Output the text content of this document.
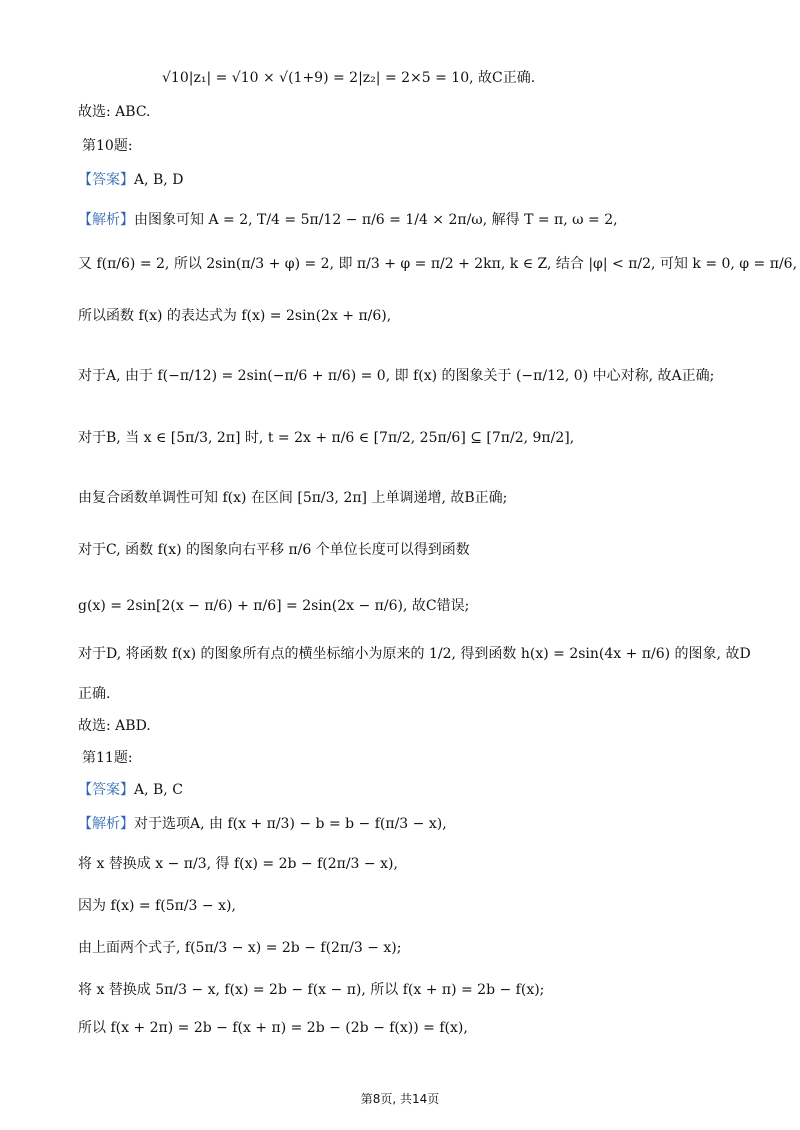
√10|z₁| = √10 × √(1+9) = 2|z₂| = 2×5 = 10, 故C正确.
故选: ABC.
第10题:
【答案】A, B, D
【解析】由图象可知 A = 2, T/4 = 5π/12 − π/6 = 1/4 × 2π/ω, 解得 T = π, ω = 2,
又 f(π/6) = 2, 所以 2sin(π/3 + φ) = 2, 即 π/3 + φ = π/2 + 2kπ, k ∈ Z, 结合 |φ| < π/2, 可知 k = 0, φ = π/6,
所以函数 f(x) 的表达式为 f(x) = 2sin(2x + π/6),
对于A, 由于 f(−π/12) = 2sin(−π/6 + π/6) = 0, 即 f(x) 的图象关于 (−π/12, 0) 中心对称, 故A正确;
对于B, 当 x ∈ [5π/3, 2π] 时, t = 2x + π/6 ∈ [7π/2, 25π/6] ⊆ [7π/2, 9π/2],
由复合函数单调性可知 f(x) 在区间 [5π/3, 2π] 上单调递增, 故B正确;
对于C, 函数 f(x) 的图象向右平移 π/6 个单位长度可以得到函数
g(x) = 2sin[2(x − π/6) + π/6] = 2sin(2x − π/6), 故C错误;
对于D, 将函数 f(x) 的图象所有点的横坐标缩小为原来的 1/2, 得到函数 h(x) = 2sin(4x + π/6) 的图象, 故D
正确.
故选: ABD.
第11题:
【答案】A, B, C
【解析】对于选项A, 由 f(x + π/3) − b = b − f(π/3 − x),
将 x 替换成 x − π/3, 得 f(x) = 2b − f(2π/3 − x),
因为 f(x) = f(5π/3 − x),
由上面两个式子, f(5π/3 − x) = 2b − f(2π/3 − x);
将 x 替换成 5π/3 − x, f(x) = 2b − f(x − π), 所以 f(x + π) = 2b − f(x);
所以 f(x + 2π) = 2b − f(x + π) = 2b − (2b − f(x)) = f(x),
第8页, 共14页
